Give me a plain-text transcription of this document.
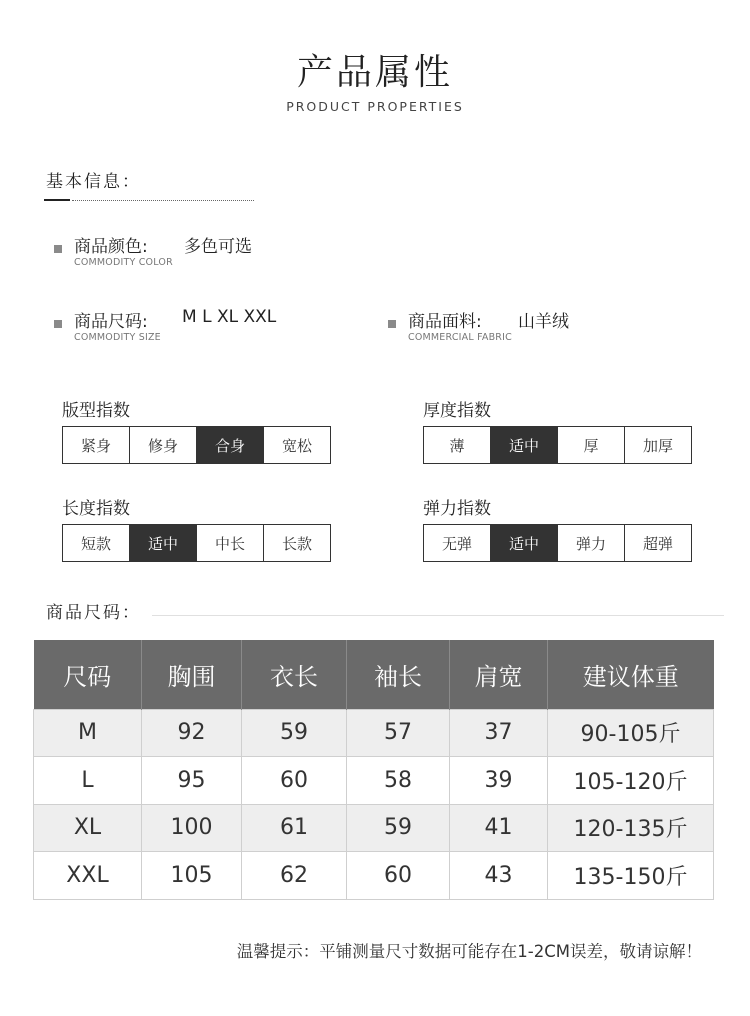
产品属性
PRODUCT PROPERTIES
基本信息：
商品颜色: 多色可选
COMMODITY COLOR
商品尺码: M L XL XXL
COMMODITY SIZE
商品面料: 山羊绒
COMMERCIAL FABRIC
版型指数
紧身	修身	合身	宽松
厚度指数
薄	适中	厚	加厚
长度指数
短款	适中	中长	长款
弹力指数
无弹	适中	弹力	超弹
商品尺码：
尺码	胸围	衣长	袖长	肩宽	建议体重
M	92	59	57	37	90-105斤
L	95	60	58	39	105-120斤
XL	100	61	59	41	120-135斤
XXL	105	62	60	43	135-150斤
温馨提示：平铺测量尺寸数据可能存在1-2CM误差，敬请谅解！
